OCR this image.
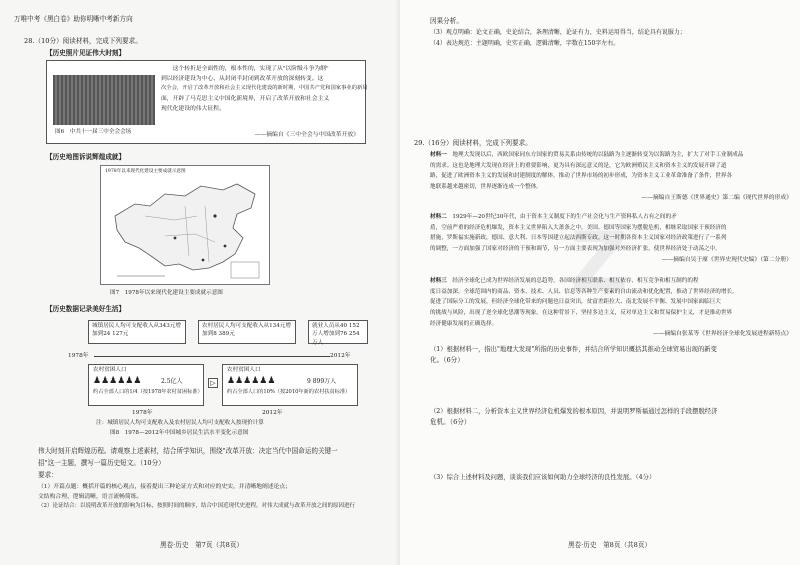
万唯中考《黑白卷》助你明晰中考新方向
28.（10分）阅读材料，完成下列要求。
【历史照片见证伟大时刻】
图6　中共十一届三中全会会场
这个转折是全面性的，根本性的，实现了从"以阶级斗争为纲"
到以经济建设为中心、从封闭半封闭到改革开放的深刻转变。这
次全会，开启了改革开放和社会主义现代化建设的新时期，中国共产党和国家事业的新局
面，开辟了马克思主义中国化新境界，开启了改革开放和社会主义
现代化建设的伟大征程。
——摘编自《三中全会与中国改革开放》
【历史地图诉说辉煌成就】
1978年以来现代化建设主要成就示意图
图7　1978年以来现代化建设主要成就示意图
【历史数据记录美好生活】
城镇居民人均可支配收入从343元增加到24 127元
农村居民人均可支配收入从134元增加到8 389元
就业人员从40 152万人增加到76 254万人
1978年	2012年
农村贫困人口
♟♟♟♟♟♟	2.5亿人
约占全部人口的1/4（按1978年农村贫困标准）
▷
农村贫困人口
♟♟♟♟♟♟	9 899万人
约占全部人口的10%（按2010年新的农村扶贫标准）
1978年	2012年
注：城镇居民人均可支配收入及农村居民人均可支配收入按现价计算
图8　1978—2012年中国城乡居民生活水平变化示意图
伟大时刻开启辉煌历程。请观察上述素材，结合所学知识，围绕"改革开放：决定当代中国命运的关键一
招"这一主题，撰写一篇历史短文。（10分）
要求：
（1）开篇点题：概括开篇的核心观点，接着提出三种论证方式和对应的史实，并清晰地阐述论点；
文结构合理、逻辑清晰，语言流畅简练。
（2）论证结合：以说明改革开放的影响为目标，按照时间的顺序，结合中国近现代史进程，对伟大成就与改革开放之间的原因进行
黑卷·历史　第7页（共8页）
Z
因果分析。
（3）观点明确：论文正确，史论结合，条理清晰，论证有力，史料运用得当，结论具有说服力；
（4）表达规范：主题明确，史实正确，逻辑清晰，字数在150字左右。
29.（16分）阅读材料，完成下列要求。
材料一　 地理大发现以后，西欧国家同东方国家的贸易关系由传统的以陆路为主逐渐转变为以海路为主，扩大了对手工业制成品
的需求。这也是地理大发现在经济上的重要影响，更为具有深远意义的是，它为欧洲殖民主义和资本主义的发展开辟了道
路，促进了欧洲资本主义的发展和封建制度的解体，推动了世界市场的初步形成，为资本主义工业革命准备了条件，世界各
地联系越来越密切，世界逐渐连成一个整体。
——摘编自王斯德《世界通史》第二编《现代世界的形成》
材料二　 1929年—20世纪30年代，由于资本主义制度下的生产社会化与生产资料私人占有之间的矛
盾，空前严重的经济危机爆发，资本主义世界陷入大萧条之中，美国、德国等国家为摆脱危机，相继采取国家干预经济的
措施，罗斯福实施新政，德国、意大利、日本等国建立起法西斯专政。这一时期各资本主义国家对经济政策进行了一系列
的调整，一方面加强了国家对经济的干预和调节，另一方面主要表现为加强对外经济扩张，使世界经济处于动荡之中。
——摘编自吴于廑《世界史现代史编》（第二分册）
材料三　 经济全球化已成为世界经济发展的总趋势，各国经济相互联系、相互依存、相互竞争和相互制约的程
度日益加深，全球范围内的商品、资本、技术、人员、信息等各种生产要素的自由流动和优化配置，推动了世界经济的增长，
促进了国际分工的发展，但经济全球化带来的问题也日益突出，贫富差距拉大、南北发展不平衡、发展中国家面临巨大
的挑战与风险，出现了逆全球化思潮等现象。在这种背景下，坚持多边主义，反对单边主义和贸易保护主义，才是推动世界
经济健康发展的正确选择。
——摘编自张某等《世界经济全球化发展进程新特点》
（1）根据材料一，指出"地理大发现"所指的历史事件，并结合所学知识概括其推动全球贸易出现的新变
化。（6分）
（2）根据材料二，分析资本主义世界经济危机爆发的根本原因，并说明罗斯福通过怎样的手段摆脱经济
危机。（6分）
（3）综合上述材料及问题，谈谈我们应该如何助力全球经济的良性发展。（4分）
黑卷·历史　第8页（共8页）
